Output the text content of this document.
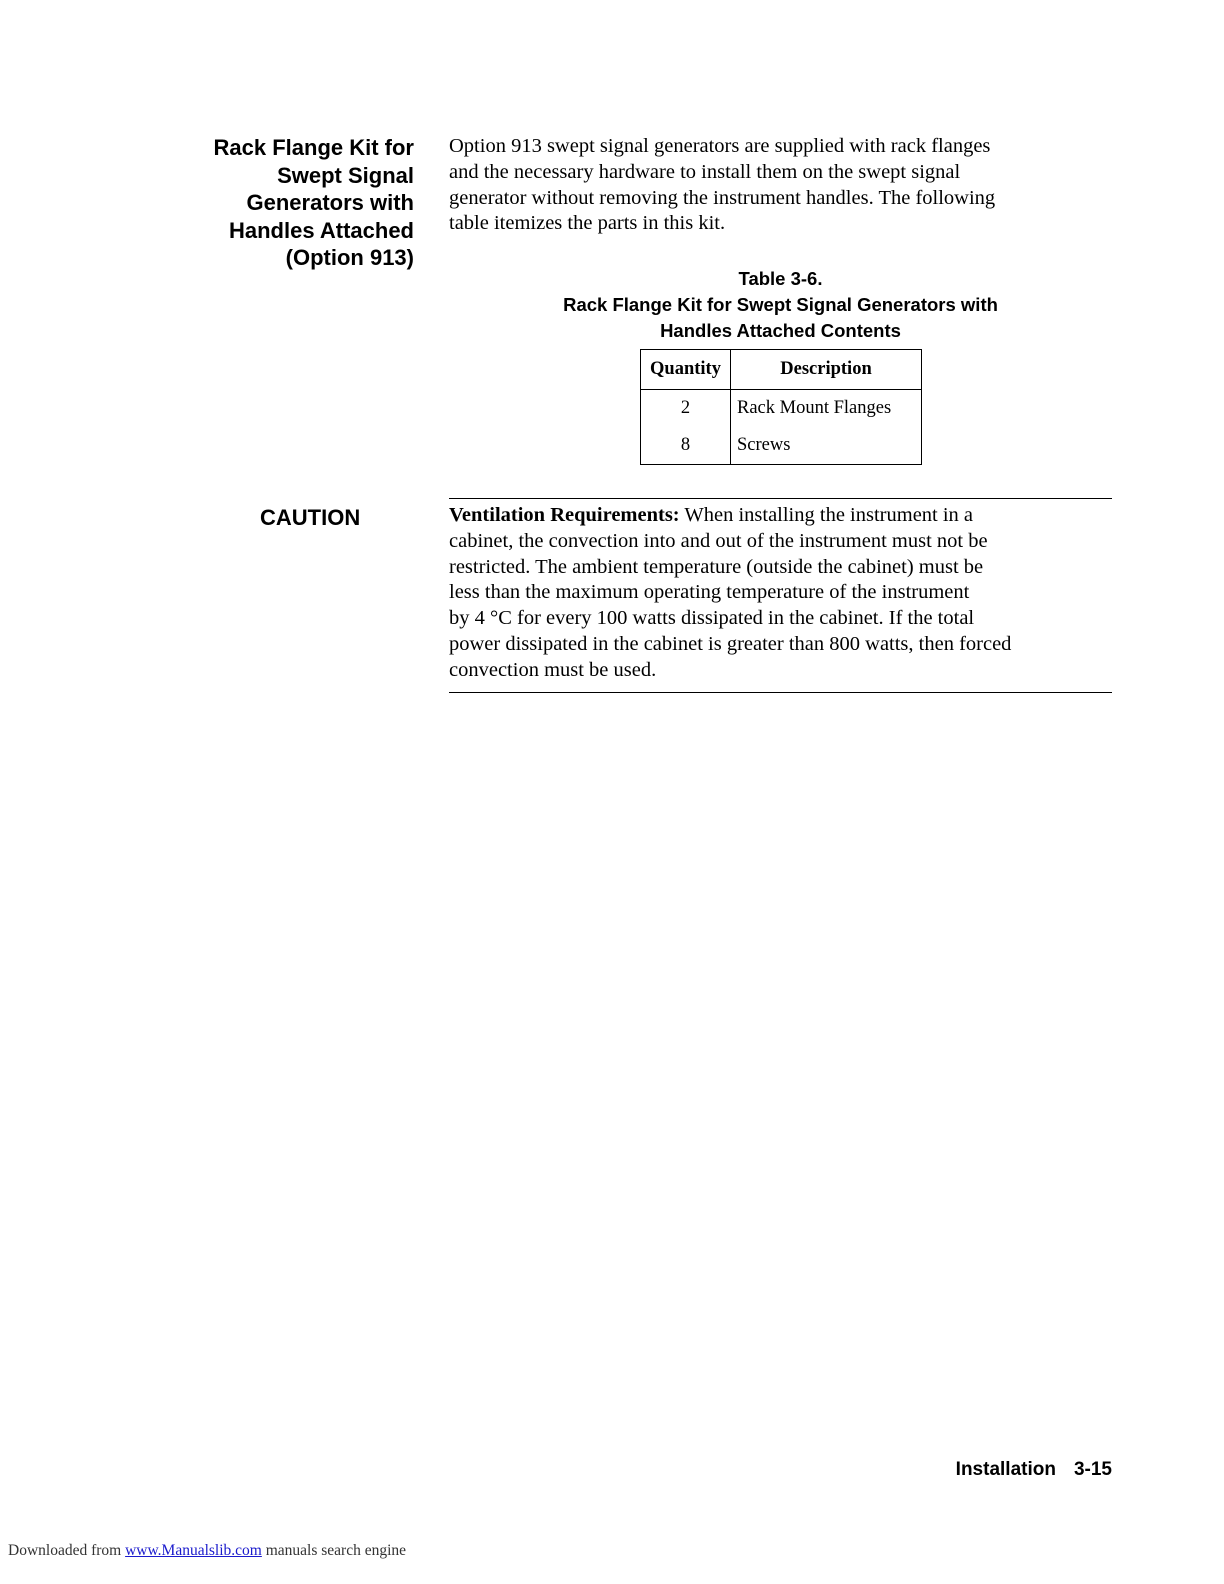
Rack Flange Kit for
Swept Signal
Generators with
Handles Attached
(Option 913)
Option 913 swept signal generators are supplied with rack flanges
and the necessary hardware to install them on the swept signal
generator without removing the instrument handles. The following
table itemizes the parts in this kit.
Table 3-6.
Rack Flange Kit for Swept Signal Generators with
Handles Attached Contents
Quantity	Description
2	Rack Mount Flanges
8	Screws
CAUTION	Ventilation Requirements: When installing the instrument in a
cabinet, the convection into and out of the instrument must not be
restricted. The ambient temperature (outside the cabinet) must be
less than the maximum operating temperature of the instrument
by 4 °C for every 100 watts dissipated in the cabinet. If the total
power dissipated in the cabinet is greater than 800 watts, then forced
convection must be used.
Installation 3-15
Downloaded from www.Manualslib.com manuals search engine
